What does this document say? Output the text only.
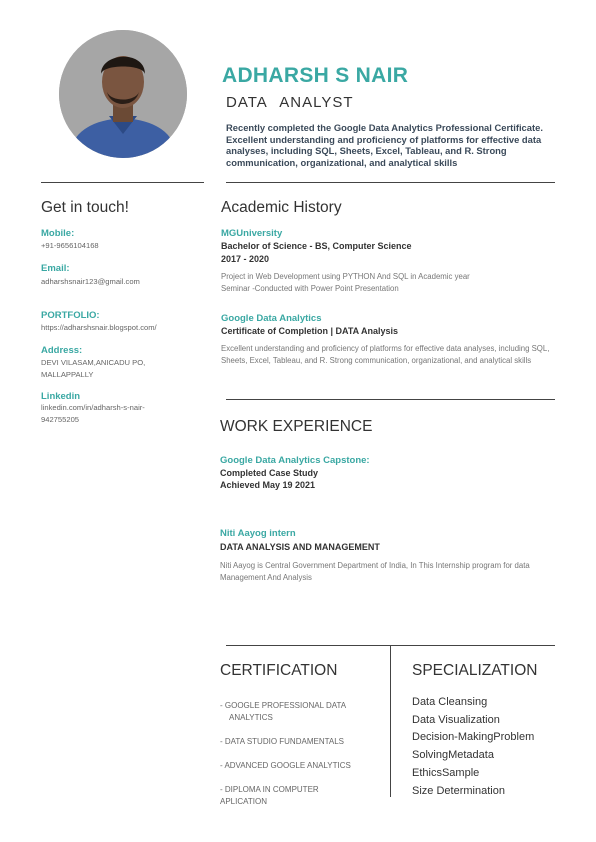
ADHARSH S NAIR
DATA ANALYST
Recently completed the Google Data Analytics Professional Certificate. Excellent understanding and proficiency of platforms for effective data analyses, including SQL, Sheets, Excel, Tableau, and R. Strong communication, organizational, and analytical skills
Get in touch!
Mobile:
+91-9656104168
Email:
adharshsnair123@gmail.com
PORTFOLIO:
https://adharshsnair.blogspot.com/
Address:
DEVI VILASAM,ANICADU PO,
MALLAPPALLY
Linkedin
linkedin.com/in/adharsh-s-nair-
942755205
Academic History
MGUniversity
Bachelor of Science - BS, Computer Science
2017 - 2020
Project in Web Development using PYTHON And SQL in Academic year
Seminar -Conducted with Power Point Presentation
Google Data Analytics
Certificate of Completion | DATA Analysis
Excellent understanding and proficiency of platforms for effective data analyses, including SQL, Sheets, Excel, Tableau, and R. Strong communication, organizational, and analytical skills
WORK EXPERIENCE
Google Data Analytics Capstone:
Completed Case Study
Achieved May 19 2021
Niti Aayog intern
DATA ANALYSIS AND MANAGEMENT
Niti Aayog is Central Government Department of India, In This Internship program for data Management And Analysis
CERTIFICATION
- GOOGLE PROFESSIONAL DATA
ANALYTICS
- DATA STUDIO FUNDAMENTALS
- ADVANCED GOOGLE ANALYTICS
- DIPLOMA IN COMPUTER
APLICATION
SPECIALIZATION
Data Cleansing
Data Visualization
Decision-MakingProblem
SolvingMetadata
EthicsSample
Size Determination
